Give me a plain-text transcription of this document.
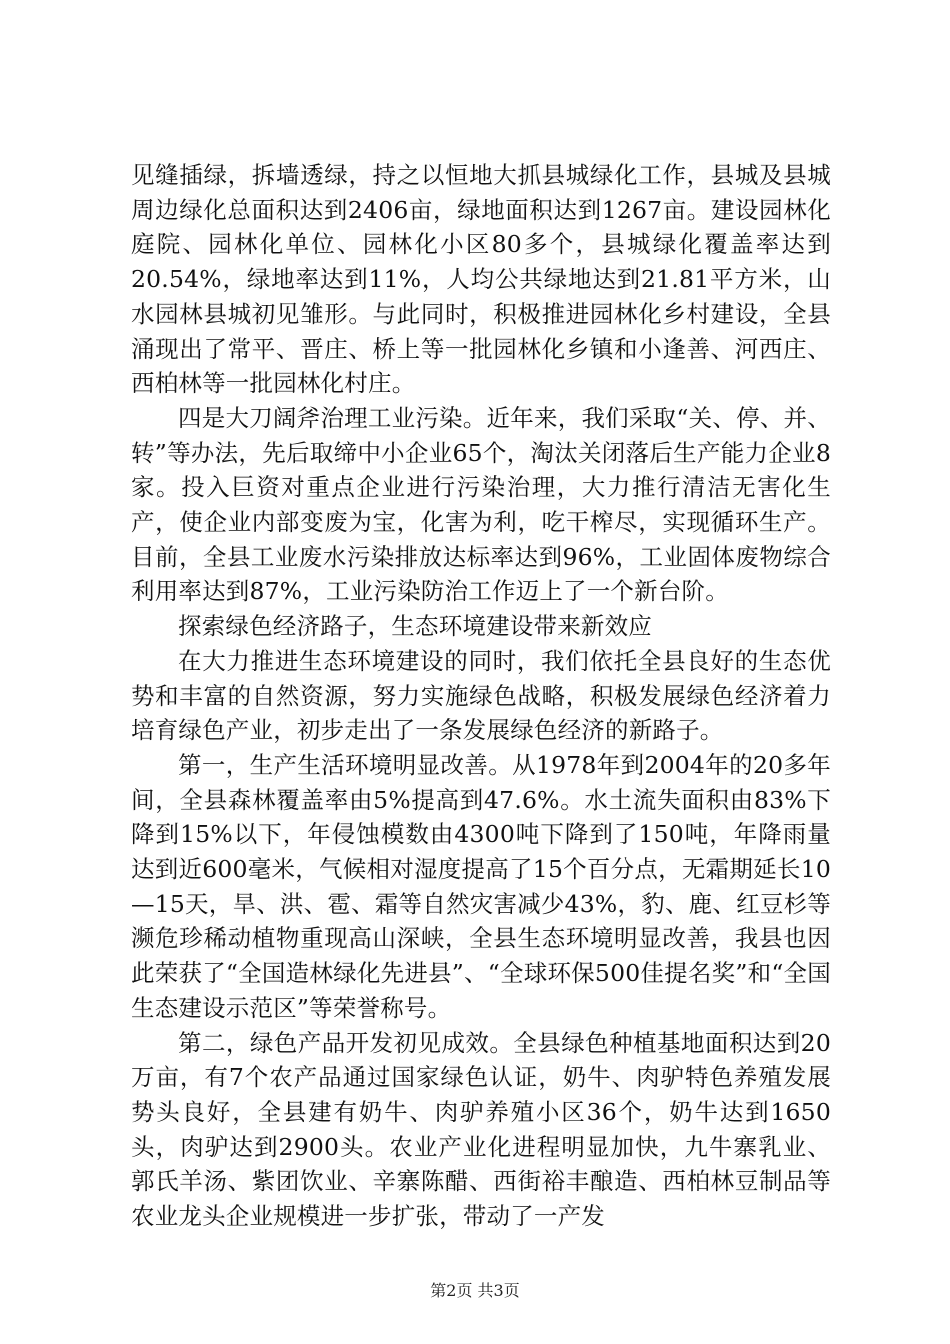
见缝插绿，拆墙透绿，持之以恒地大抓县城绿化工作，县城及县城周边绿化总面积达到2406亩，绿地面积达到1267亩。建设园林化庭院、园林化单位、园林化小区80多个，县城绿化覆盖率达到20.54%，绿地率达到11%，人均公共绿地达到21.81平方米，山水园林县城初见雏形。与此同时，积极推进园林化乡村建设，全县涌现出了常平、晋庄、桥上等一批园林化乡镇和小逢善、河西庄、西柏林等一批园林化村庄。

四是大刀阔斧治理工业污染。近年来，我们采取“关、停、并、转”等办法，先后取缔中小企业65个，淘汰关闭落后生产能力企业8家。投入巨资对重点企业进行污染治理，大力推行清洁无害化生产，使企业内部变废为宝，化害为利，吃干榨尽，实现循环生产。目前，全县工业废水污染排放达标率达到96%，工业固体废物综合利用率达到87%，工业污染防治工作迈上了一个新台阶。

探索绿色经济路子，生态环境建设带来新效应

在大力推进生态环境建设的同时，我们依托全县良好的生态优势和丰富的自然资源，努力实施绿色战略，积极发展绿色经济着力培育绿色产业，初步走出了一条发展绿色经济的新路子。

第一，生产生活环境明显改善。从1978年到2004年的20多年间，全县森林覆盖率由5%提高到47.6%。水土流失面积由83%下降到15%以下，年侵蚀模数由4300吨下降到了150吨，年降雨量达到近600毫米，气候相对湿度提高了15个百分点，无霜期延长10—15天，旱、洪、雹、霜等自然灾害减少43%，豹、鹿、红豆杉等濒危珍稀动植物重现高山深峡，全县生态环境明显改善，我县也因此荣获了“全国造林绿化先进县”、“全球环保500佳提名奖”和“全国生态建设示范区”等荣誉称号。

第二，绿色产品开发初见成效。全县绿色种植基地面积达到20万亩，有7个农产品通过国家绿色认证，奶牛、肉驴特色养殖发展势头良好，全县建有奶牛、肉驴养殖小区36个，奶牛达到1650头，肉驴达到2900头。农业产业化进程明显加快，九牛寨乳业、郭氏羊汤、紫团饮业、辛寨陈醋、西街裕丰酿造、西柏林豆制品等农业龙头企业规模进一步扩张，带动了一产发

第2页 共3页
